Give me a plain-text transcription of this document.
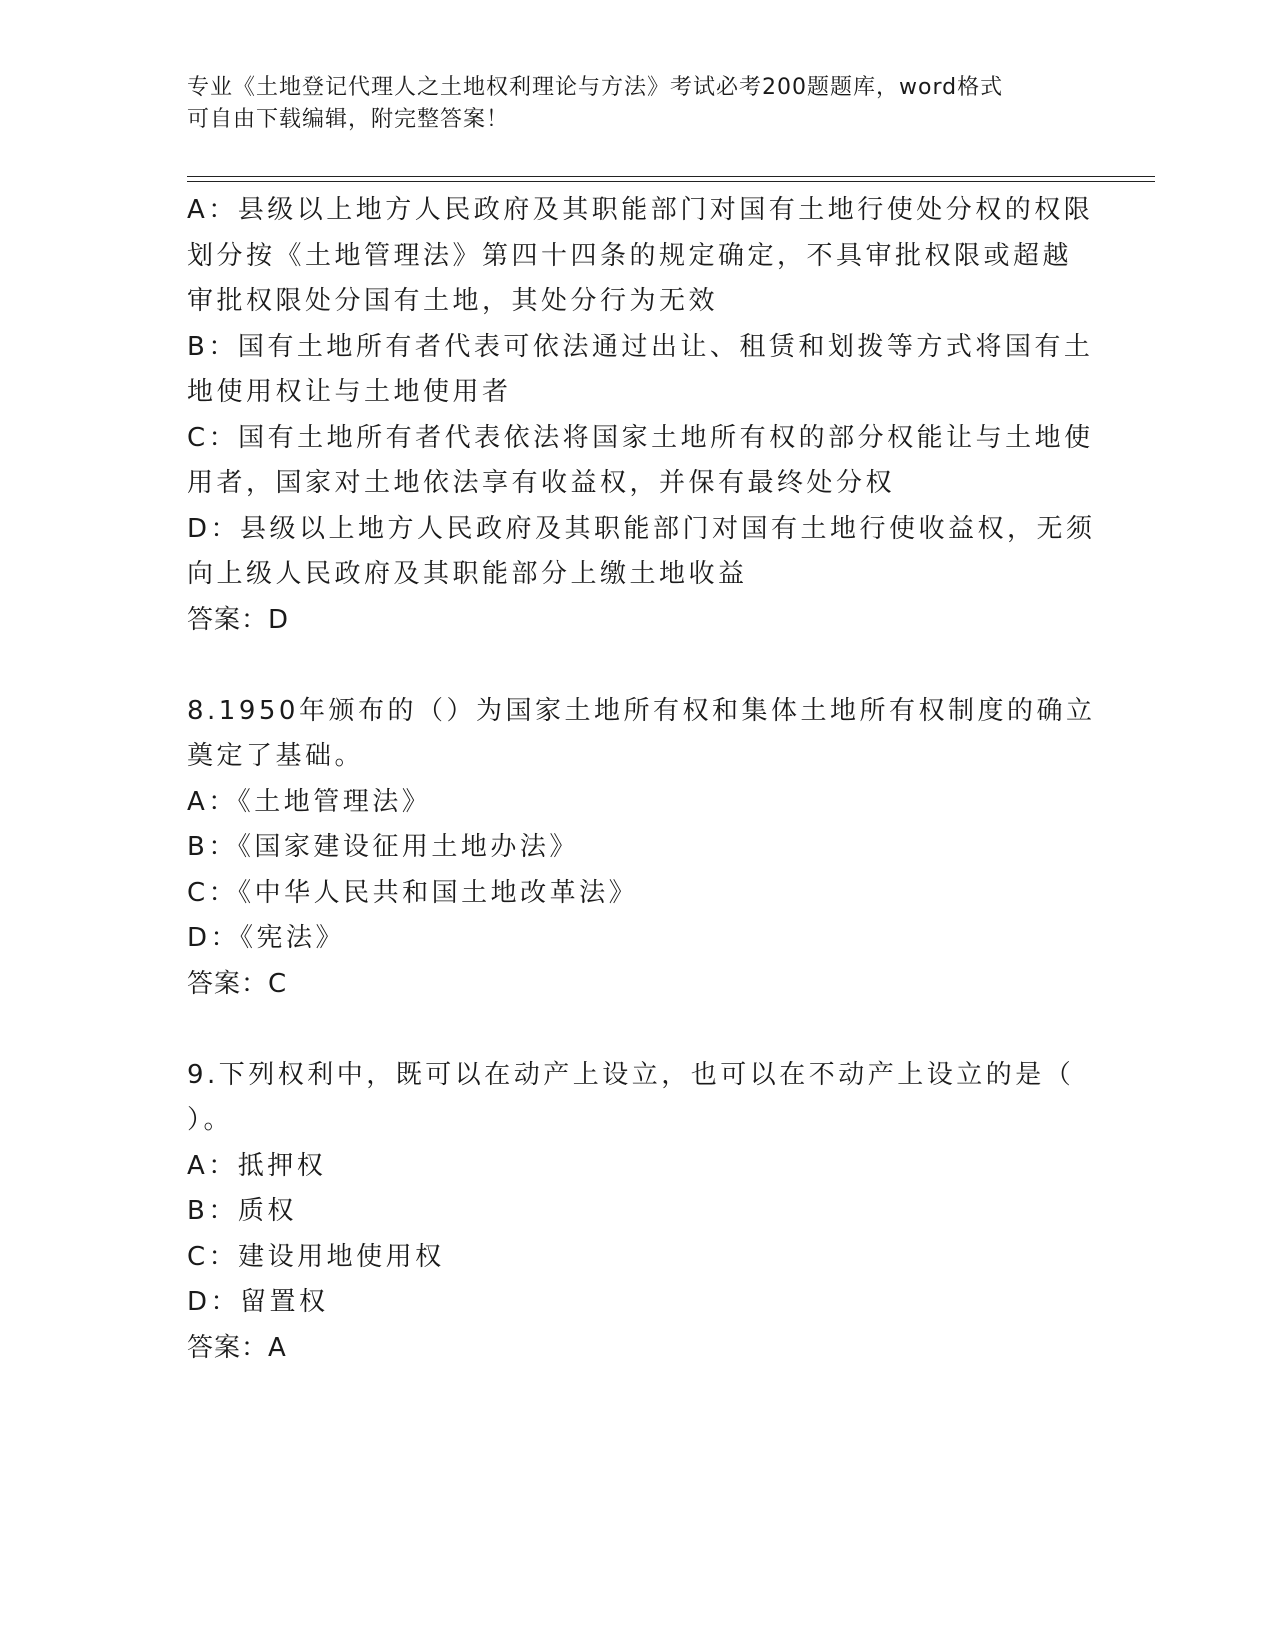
专业《土地登记代理人之土地权利理论与方法》考试必考200题题库，word格式
可自由下载编辑，附完整答案！
A：县级以上地方人民政府及其职能部门对国有土地行使处分权的权限
划分按《土地管理法》第四十四条的规定确定，不具审批权限或超越
审批权限处分国有土地，其处分行为无效
B：国有土地所有者代表可依法通过出让、租赁和划拨等方式将国有土
地使用权让与土地使用者
C：国有土地所有者代表依法将国家土地所有权的部分权能让与土地使
用者，国家对土地依法享有收益权，并保有最终处分权
D：县级以上地方人民政府及其职能部门对国有土地行使收益权，无须
向上级人民政府及其职能部分上缴土地收益
答案：D
8.1950年颁布的（）为国家土地所有权和集体土地所有权制度的确立
奠定了基础。
A：《土地管理法》
B：《国家建设征用土地办法》
C：《中华人民共和国土地改革法》
D：《宪法》
答案：C
9.下列权利中，既可以在动产上设立，也可以在不动产上设立的是（
）。
A：抵押权
B：质权
C：建设用地使用权
D：留置权
答案：A
